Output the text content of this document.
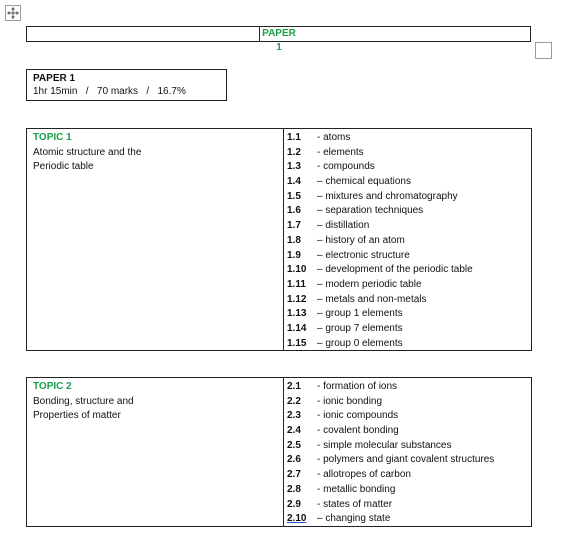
PAPER 1
PAPER 1
1hr 15min   /   70 marks   /   16.7%
TOPIC 1
Atomic structure and the
Periodic table
1.1	- atoms
1.2	- elements
1.3	- compounds
1.4	– chemical equations
1.5	– mixtures and chromatography
1.6	– separation techniques
1.7	– distillation
1.8	– history of an atom
1.9	– electronic structure
1.10	– development of the periodic table
1.11	– modern periodic table
1.12	– metals and non-metals
1.13	– group 1 elements
1.14	– group 7 elements
1.15	– group 0 elements
TOPIC 2
Bonding, structure and
Properties of matter
2.1	- formation of ions
2.2	- ionic bonding
2.3	- ionic compounds
2.4	- covalent bonding
2.5	- simple molecular substances
2.6	- polymers and giant covalent structures
2.7	- allotropes of carbon
2.8	- metallic bonding
2.9	- states of matter
2.10	– changing state
